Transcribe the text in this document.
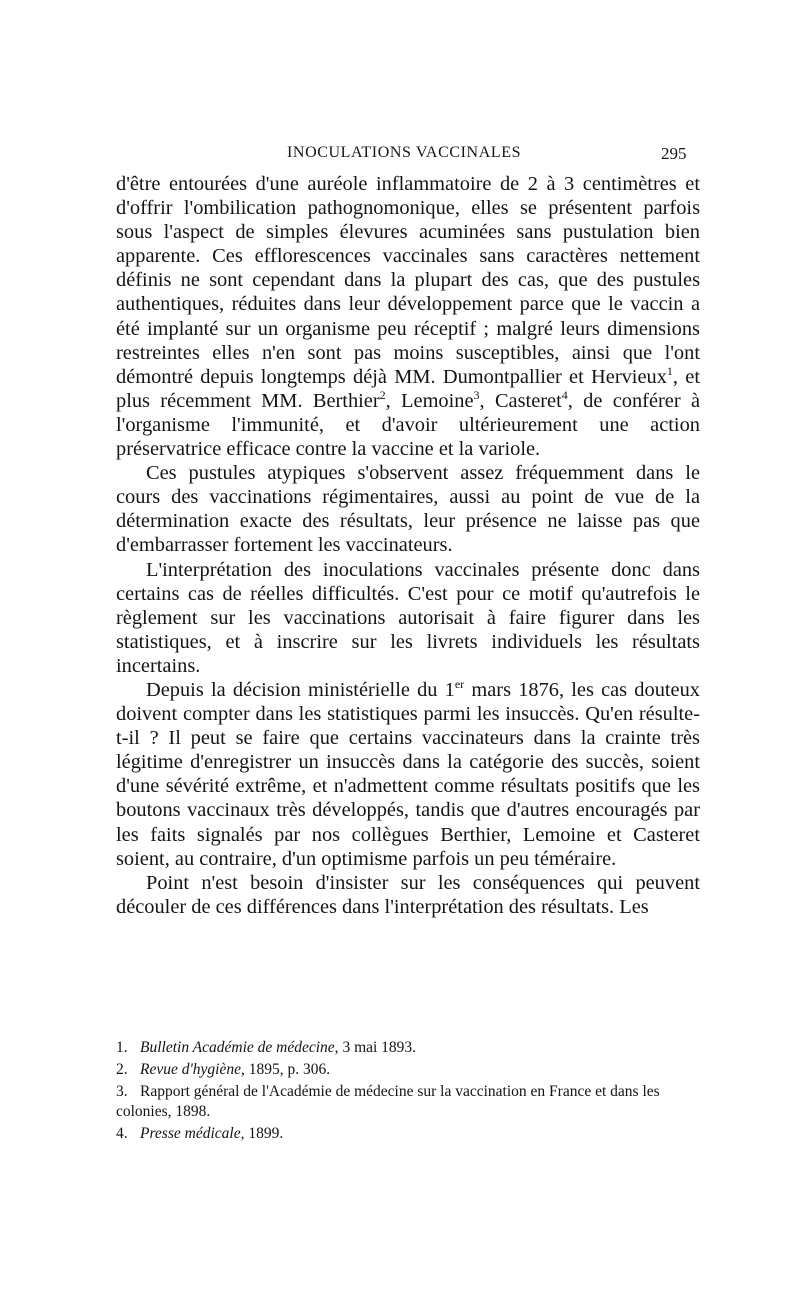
INOCULATIONS VACCINALES	295

d'être entourées d'une auréole inflammatoire de 2 à 3 centimètres et d'offrir l'ombilication pathognomonique, elles se présentent parfois sous l'aspect de simples élevures acuminées sans pustulation bien apparente. Ces efflorescences vaccinales sans caractères nettement définis ne sont cependant dans la plupart des cas, que des pustules authentiques, réduites dans leur développement parce que le vaccin a été implanté sur un organisme peu réceptif ; malgré leurs dimensions restreintes elles n'en sont pas moins susceptibles, ainsi que l'ont démontré depuis longtemps déjà MM. Dumontpallier et Hervieux$^1$, et plus récemment MM. Berthier$^2$, Lemoine$^3$, Casteret$^4$, de conférer à l'organisme l'immunité, et d'avoir ultérieurement une action préservatrice efficace contre la vaccine et la variole.

Ces pustules atypiques s'observent assez fréquemment dans le cours des vaccinations régimentaires, aussi au point de vue de la détermination exacte des résultats, leur présence ne laisse pas que d'embarrasser fortement les vaccinateurs.

L'interprétation des inoculations vaccinales présente donc dans certains cas de réelles difficultés. C'est pour ce motif qu'autrefois le règlement sur les vaccinations autorisait à faire figurer dans les statistiques, et à inscrire sur les livrets individuels les résultats incertains.

Depuis la décision ministérielle du 1er mars 1876, les cas douteux doivent compter dans les statistiques parmi les insuccès. Qu'en résulte-t-il ? Il peut se faire que certains vaccinateurs dans la crainte très légitime d'enregistrer un insuccès dans la catégorie des succès, soient d'une sévérité extrême, et n'admettent comme résultats positifs que les boutons vaccinaux très développés, tandis que d'autres encouragés par les faits signalés par nos collègues Berthier, Lemoine et Casteret soient, au contraire, d'un optimisme parfois un peu téméraire.

Point n'est besoin d'insister sur les conséquences qui peuvent découler de ces différences dans l'interprétation des résultats. Les

1. Bulletin Académie de médecine, 3 mai 1893.
2. Revue d'hygiène, 1895, p. 306.
3. Rapport général de l'Académie de médecine sur la vaccination en France et dans les colonies, 1898.
4. Presse médicale, 1899.
